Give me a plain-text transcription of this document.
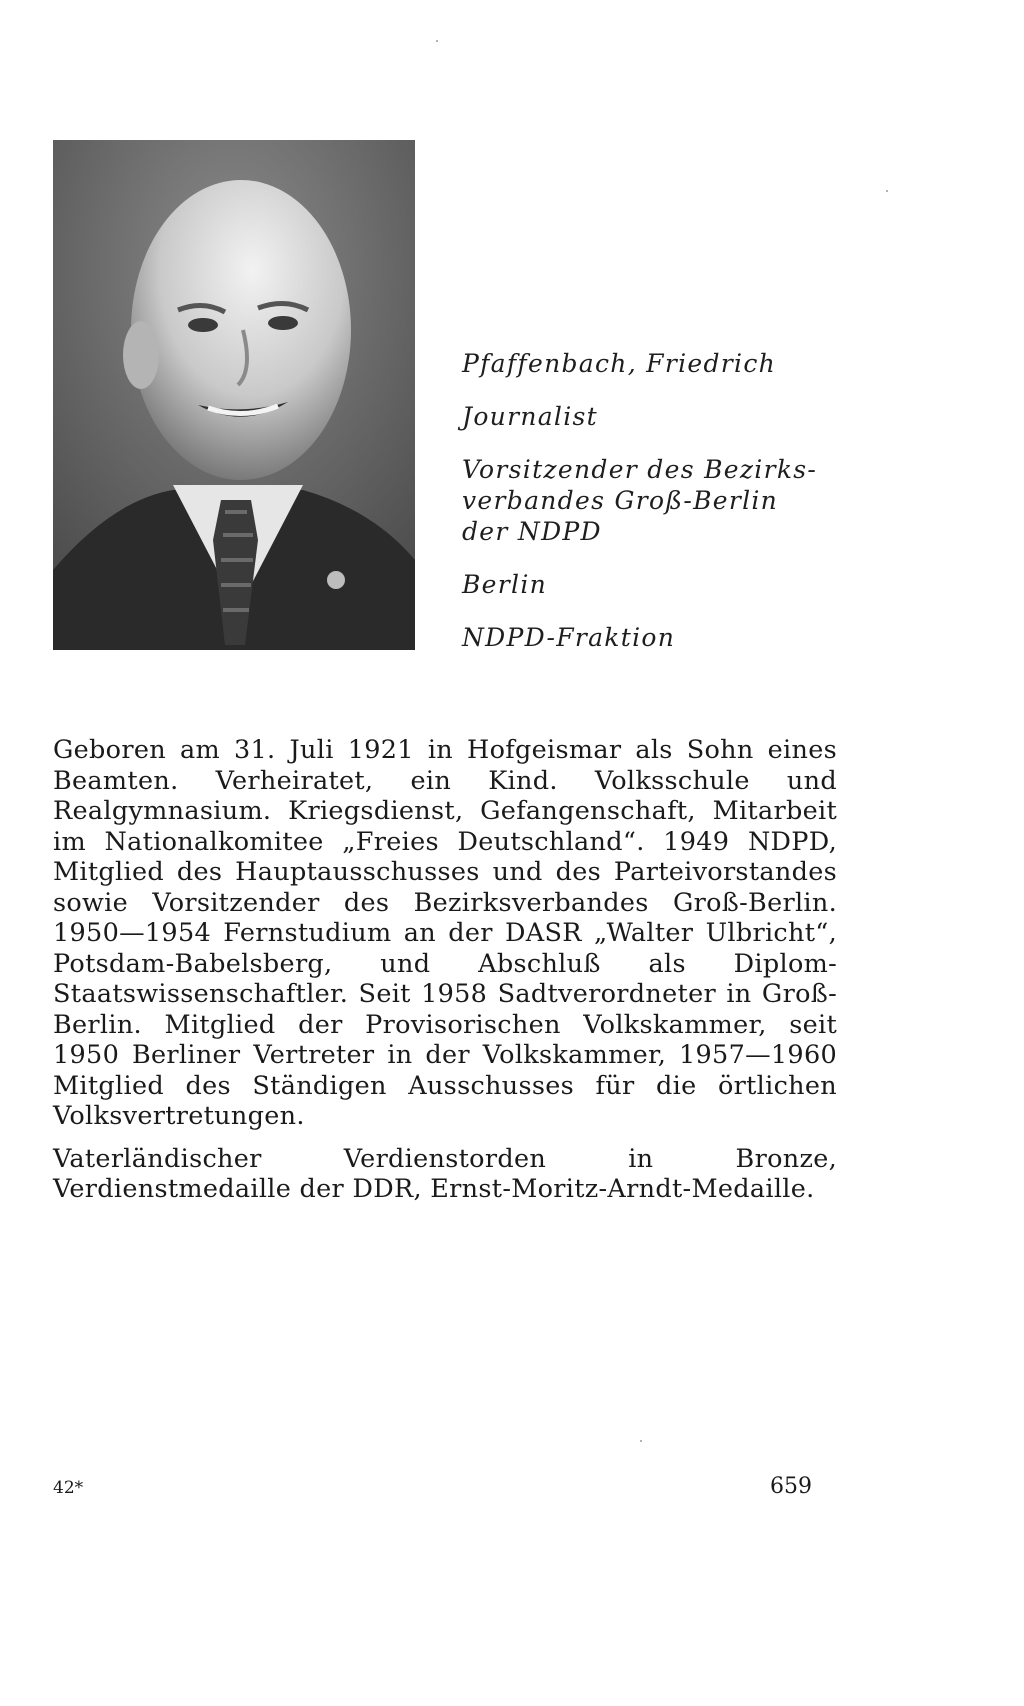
Pfaffenbach, Friedrich
Journalist
Vorsitzender des Bezirks-
verbandes Groß-Berlin
der NDPD
Berlin
NDPD-Fraktion

Geboren am 31. Juli 1921 in Hofgeismar als Sohn eines Beamten. Verheiratet, ein Kind. Volksschule und Realgymnasium. Kriegsdienst, Gefangenschaft, Mitarbeit im Nationalkomitee „Freies Deutschland“. 1949 NDPD, Mitglied des Hauptausschusses und des Parteivorstandes sowie Vorsitzender des Bezirksverbandes Groß-Berlin. 1950—1954 Fernstudium an der DASR „Walter Ulbricht“, Potsdam-Babelsberg, und Abschluß als Diplom-Staatswissenschaftler. Seit 1958 Sadtverordneter in Groß-Berlin. Mitglied der Provisorischen Volkskammer, seit 1950 Berliner Vertreter in der Volkskammer, 1957—1960 Mitglied des Ständigen Ausschusses für die örtlichen Volksvertretungen.

Vaterländischer Verdienstorden in Bronze, Verdienstmedaille der DDR, Ernst-Moritz-Arndt-Medaille.

42*	659
